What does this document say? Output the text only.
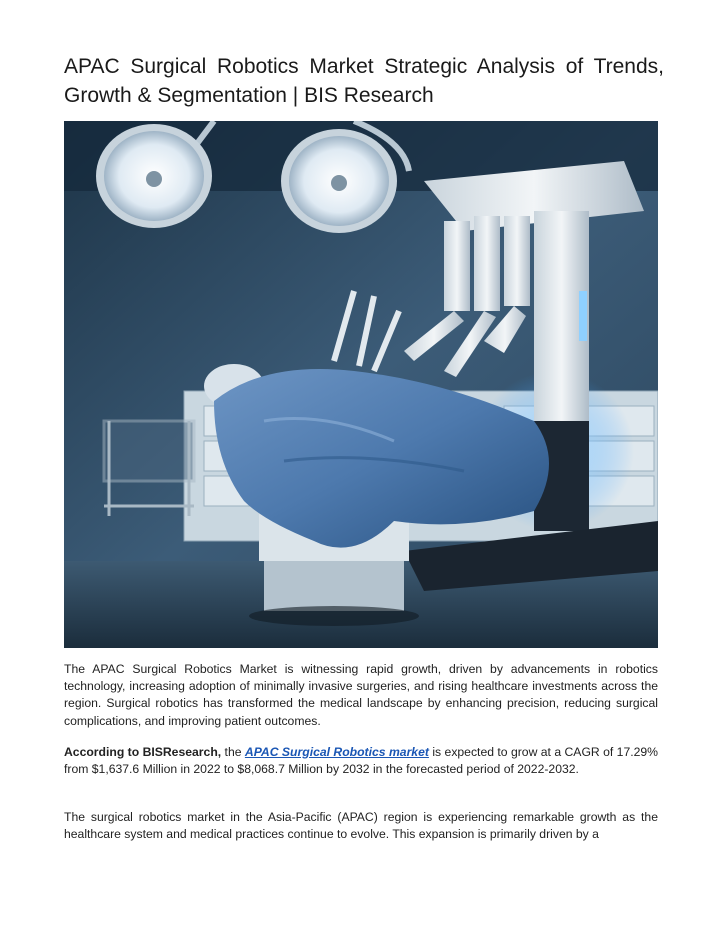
APAC Surgical Robotics Market Strategic Analysis of Trends, Growth & Segmentation | BIS Research

The APAC Surgical Robotics Market is witnessing rapid growth, driven by advancements in robotics technology, increasing adoption of minimally invasive surgeries, and rising healthcare investments across the region. Surgical robotics has transformed the medical landscape by enhancing precision, reducing surgical complications, and improving patient outcomes.

According to BISResearch, the APAC Surgical Robotics market is expected to grow at a CAGR of 17.29% from $1,637.6 Million in 2022 to $8,068.7 Million by 2032 in the forecasted period of 2022-2032.

The surgical robotics market in the Asia-Pacific (APAC) region is experiencing remarkable growth as the healthcare system and medical practices continue to evolve. This expansion is primarily driven by a
